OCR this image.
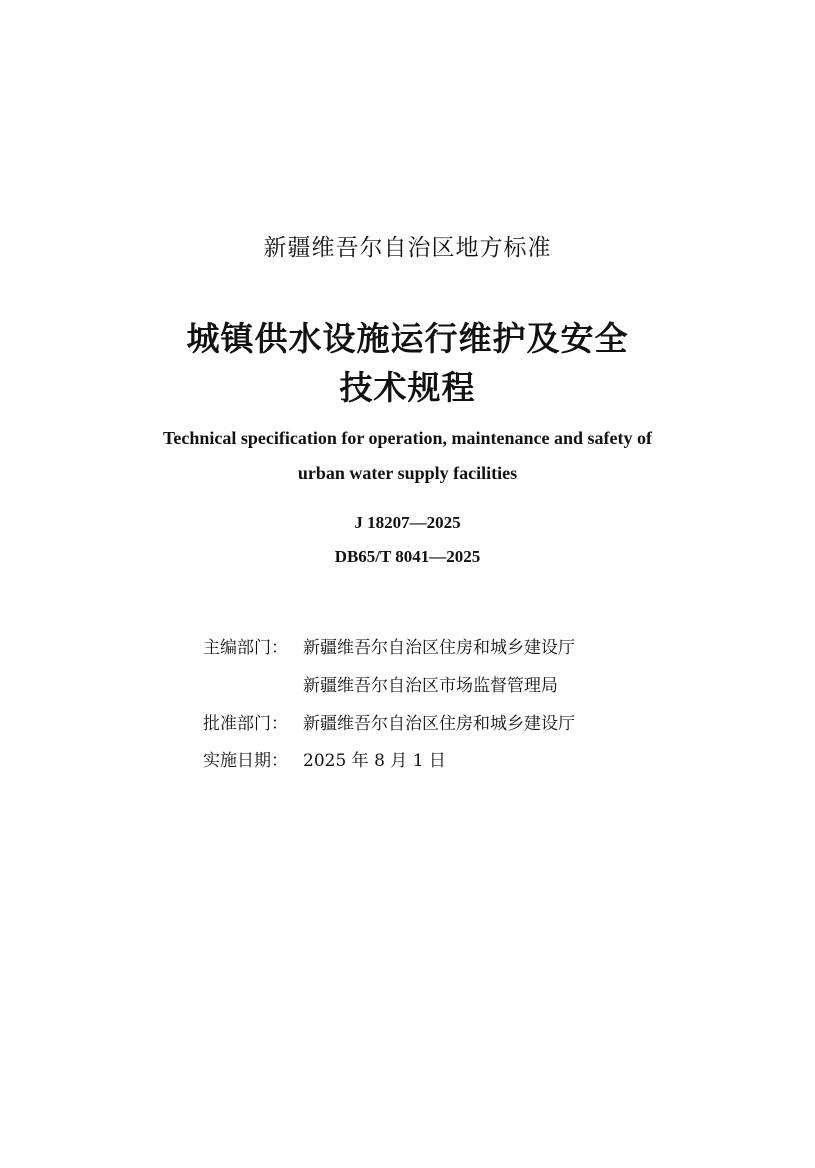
新疆维吾尔自治区地方标准
城镇供水设施运行维护及安全
技术规程
Technical specification for operation, maintenance and safety of
urban water supply facilities
J 18207—2025
DB65/T 8041—2025
主编部门： 新疆维吾尔自治区住房和城乡建设厅
新疆维吾尔自治区市场监督管理局
批准部门： 新疆维吾尔自治区住房和城乡建设厅
实施日期： 2025 年 8 月 1 日
